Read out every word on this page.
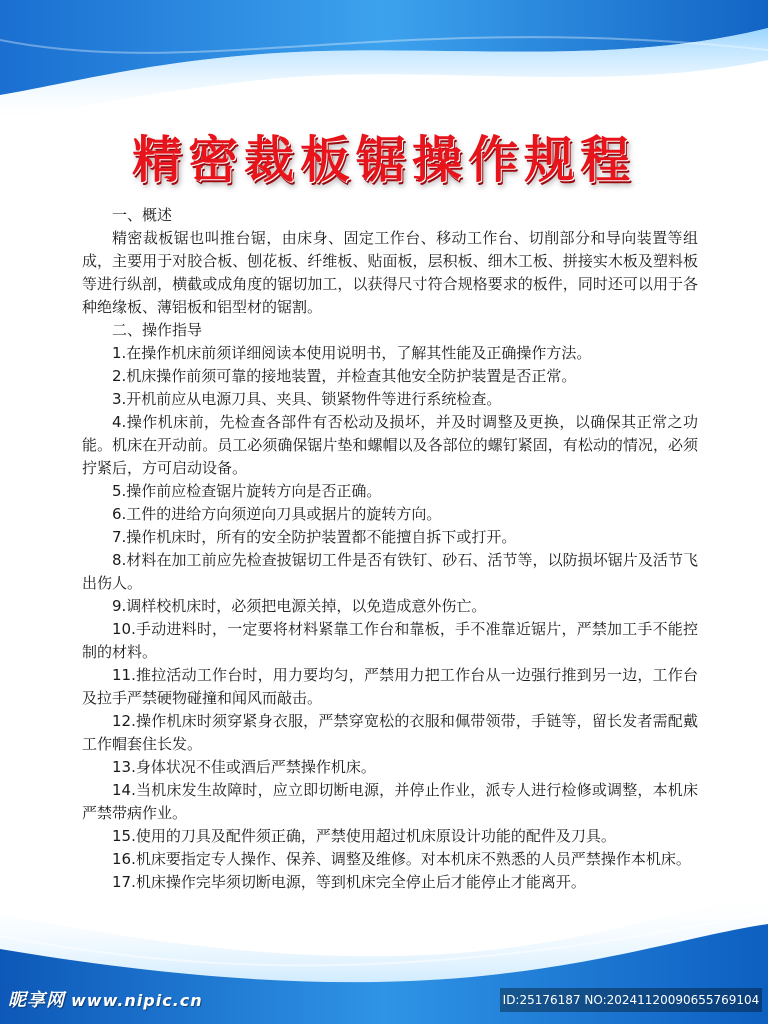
精密裁板锯操作规程

一、概述

精密裁板锯也叫推台锯，由床身、固定工作台、移动工作台、切削部分和导向装置等组成，主要用于对胶合板、刨花板、纤维板、贴面板，层积板、细木工板、拼接实木板及塑料板等进行纵剖，横截或成角度的锯切加工，以获得尺寸符合规格要求的板件，同时还可以用于各种绝缘板、薄铝板和铝型材的锯割。

二、操作指导

1.在操作机床前须详细阅读本使用说明书，了解其性能及正确操作方法。

2.机床操作前须可靠的接地装置，并检查其他安全防护装置是否正常。

3.开机前应从电源刀具、夹具、锁紧物件等进行系统检查。

4.操作机床前，先检查各部件有否松动及损坏，并及时调整及更换，以确保其正常之功能。机床在开动前。员工必须确保锯片垫和螺帽以及各部位的螺钉紧固，有松动的情况，必须拧紧后，方可启动设备。

5.操作前应检查锯片旋转方向是否正确。

6.工件的进给方向须逆向刀具或据片的旋转方向。

7.操作机床时，所有的安全防护装置都不能擅自拆下或打开。

8.材料在加工前应先检查披锯切工件是否有铁钉、砂石、活节等，以防损坏锯片及活节飞出伤人。

9.调样校机床时，必须把电源关掉，以免造成意外伤亡。

10.手动进料时，一定要将材料紧靠工作台和靠板，手不准靠近锯片，严禁加工手不能控制的材料。

11.推拉活动工作台时，用力要均匀，严禁用力把工作台从一边强行推到另一边，工作台及拉手严禁硬物碰撞和闻风而敲击。

12.操作机床时须穿紧身衣服，严禁穿宽松的衣服和佩带领带，手链等，留长发者需配戴工作帽套住长发。

13.身体状况不佳或酒后严禁操作机床。

14.当机床发生故障时，应立即切断电源，并停止作业，派专人进行检修或调整，本机床严禁带病作业。

15.使用的刀具及配件须正确，严禁使用超过机床原设计功能的配件及刀具。

16.机床要指定专人操作、保养、调整及维修。对本机床不熟悉的人员严禁操作本机床。

17.机床操作完毕须切断电源，等到机床完全停止后才能停止才能离开。

昵享网 www.nipic.cn	ID:25176187 NO:20241120090655769104
